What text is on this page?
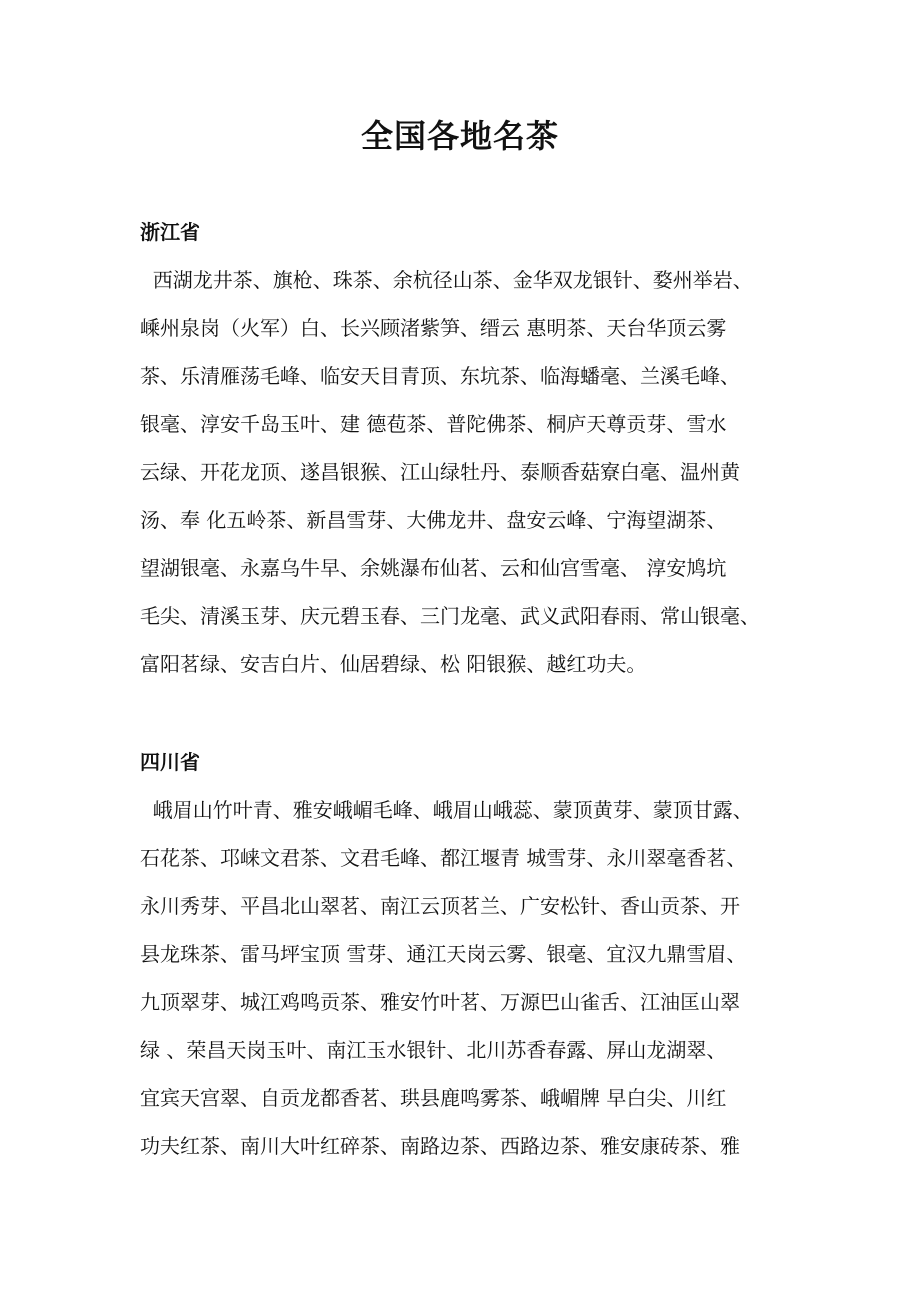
全国各地名茶
浙江省
西湖龙井茶、旗枪、珠茶、余杭径山茶、金华双龙银针、婺州举岩、
嵊州泉岗（火军）白、长兴顾渚紫笋、缙云 惠明茶、天台华顶云雾
茶、乐清雁荡毛峰、临安天目青顶、东坑茶、临海蟠毫、兰溪毛峰、
银毫、淳安千岛玉叶、建 德苞茶、普陀佛茶、桐庐天尊贡芽、雪水
云绿、开花龙顶、遂昌银猴、江山绿牡丹、泰顺香菇寮白毫、温州黄
汤、奉 化五岭茶、新昌雪芽、大佛龙井、盘安云峰、宁海望湖茶、
望湖银毫、永嘉乌牛早、余姚瀑布仙茗、云和仙宫雪毫、 淳安鸠坑
毛尖、清溪玉芽、庆元碧玉春、三门龙毫、武义武阳春雨、常山银毫、
富阳茗绿、安吉白片、仙居碧绿、松 阳银猴、越红功夫。
四川省
峨眉山竹叶青、雅安峨嵋毛峰、峨眉山峨蕊、蒙顶黄芽、蒙顶甘露、
石花茶、邛崃文君茶、文君毛峰、都江堰青 城雪芽、永川翠毫香茗、
永川秀芽、平昌北山翠茗、南江云顶茗兰、广安松针、香山贡茶、开
县龙珠茶、雷马坪宝顶 雪芽、通江天岗云雾、银毫、宜汉九鼎雪眉、
九顶翠芽、城江鸡鸣贡茶、雅安竹叶茗、万源巴山雀舌、江油匡山翠
绿 、荣昌天岗玉叶、南江玉水银针、北川苏香春露、屏山龙湖翠、
宜宾天宫翠、自贡龙都香茗、珙县鹿鸣雾茶、峨嵋牌 早白尖、川红
功夫红茶、南川大叶红碎茶、南路边茶、西路边茶、雅安康砖茶、雅
